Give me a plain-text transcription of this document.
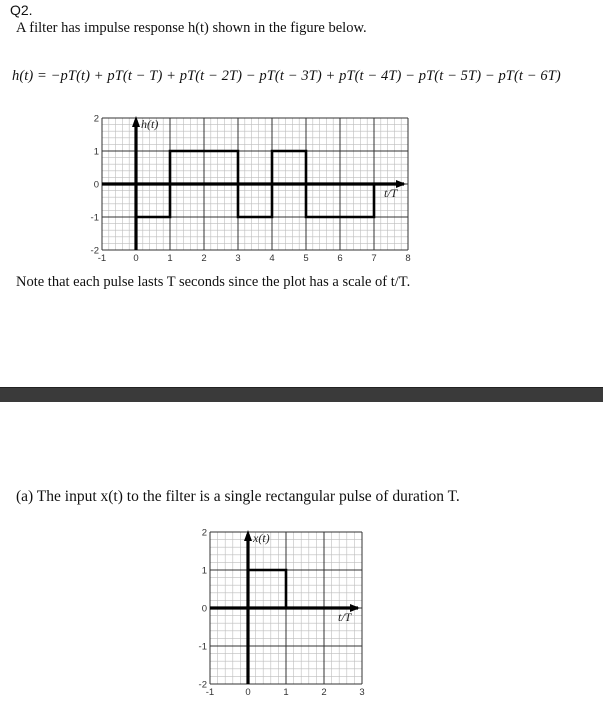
Q2.
A filter has impulse response h(t) shown in the figure below.
h(t) = −pT(t) + pT(t − T) + pT(t − 2T) − pT(t − 3T) + pT(t − 4T) − pT(t − 5T) − pT(t − 6T)
-1	0	1	2	3	4	5	6	7	8
2
1
0
-1
-2
h(t)
t/T
Note that each pulse lasts T seconds since the plot has a scale of t/T.
(a) The input x(t) to the filter is a single rectangular pulse of duration T.
-1	0	1	2	3
2
1
0
-1
-2
x(t)
t/T
